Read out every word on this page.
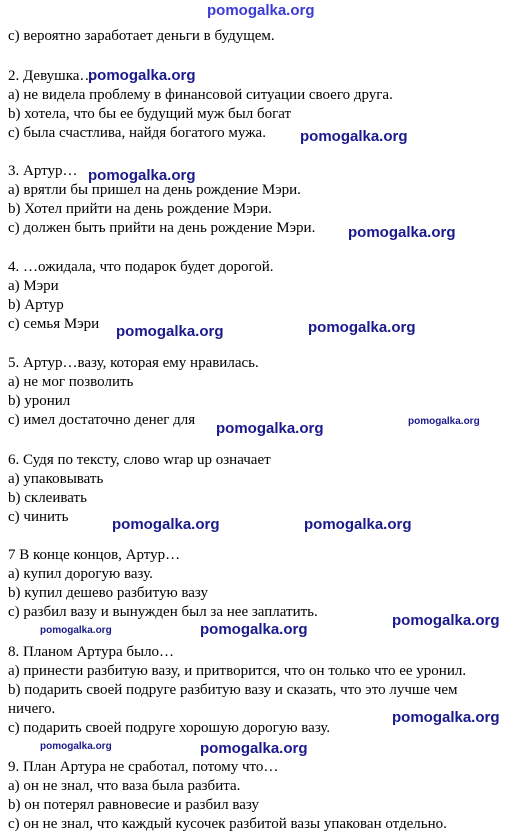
pomogalka.org
pomogalka.org
pomogalka.org
pomogalka.org
pomogalka.org
pomogalka.org
pomogalka.org
pomogalka.org
pomogalka.org
pomogalka.org	pomogalka.org
pomogalka.org
pomogalka.org	pomogalka.org
pomogalka.org
pomogalka.org	pomogalka.org

c) вероятно заработает деньги в будущем.

2. Девушка…

a) не видела проблему в финансовой ситуации своего друга.

b) хотела, что бы ее будущий муж был богат

c) была счастлива, найдя богатого мужа.

3. Артур…

a) врятли бы пришел на день рождение Мэри.

b) Хотел прийти на день рождение Мэри.

c) должен быть прийти на день рождение Мэри.

4. …ожидала, что подарок будет дорогой.

a) Мэри

b) Артур

c) семья Мэри

5. Артур…вазу, которая ему нравилась.

a) не мог позволить

b) уронил

c) имел достаточно денег для

6. Судя по тексту, слово wrap up означает

a) упаковывать

b) склеивать

c) чинить

7 В конце концов, Артур…

a) купил дорогую вазу.

b) купил дешево разбитую вазу

c) разбил вазу и вынужден был за нее заплатить.

8. Планом Артура было…

a) принести разбитую вазу, и притворится, что он только что ее уронил.

b) подарить своей подруге разбитую вазу и сказать, что это лучше чем

ничего.

c) подарить своей подруге хорошую дорогую вазу.

9. План Артура не сработал, потому что…

a) он не знал, что ваза была разбита.

b) он потерял равновесие и разбил вазу

c) он не знал, что каждый кусочек разбитой вазы упакован отдельно.
